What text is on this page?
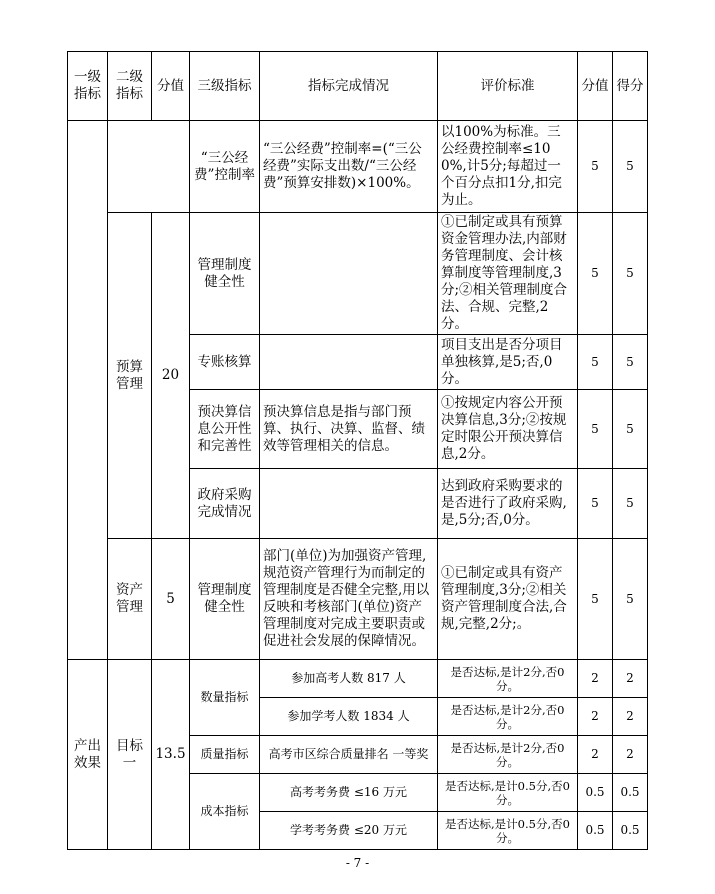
一级指标	二级指标	分值	三级指标	指标完成情况	评价标准	分值	得分
			“三公经费”控制率	“三公经费”控制率=(“三公经费”实际支出数/“三公经费”预算安排数)×100%。	以100%为标准。三公经费控制率≤100%,计5分;每超过一个百分点扣1分,扣完为止。	5	5
	预算管理	20	管理制度健全性		①已制定或具有预算资金管理办法,内部财务管理制度、会计核算制度等管理制度,3分;②相关管理制度合法、合规、完整,2分。	5	5
			专账核算		项目支出是否分项目单独核算,是5;否,0分。	5	5
			预决算信息公开性和完善性	预决算信息是指与部门预算、执行、决算、监督、绩效等管理相关的信息。	①按规定内容公开预决算信息,3分;②按规定时限公开预决算信息,2分。	5	5
			政府采购完成情况		达到政府采购要求的是否进行了政府采购,是,5分;否,0分。	5	5
	资产管理	5	管理制度健全性	部门(单位)为加强资产管理,规范资产管理行为而制定的管理制度是否健全完整,用以反映和考核部门(单位)资产管理制度对完成主要职责或促进社会发展的保障情况。	①已制定或具有资产管理制度,3分;②相关资产管理制度合法,合规,完整,2分;。	5	5
产出效果	目标一	13.5	数量指标	参加高考人数 817 人	是否达标,是计2分,否0分。	2	2
				参加学考人数 1834 人	是否达标,是计2分,否0分。	2	2
			质量指标	高考市区综合质量排名 一等奖	是否达标,是计2分,否0分。	2	2
			成本指标	高考考务费 ≤16 万元	是否达标,是计0.5分,否0分。	0.5	0.5
				学考考务费 ≤20 万元	是否达标,是计0.5分,否0分。	0.5	0.5
- 7 -
